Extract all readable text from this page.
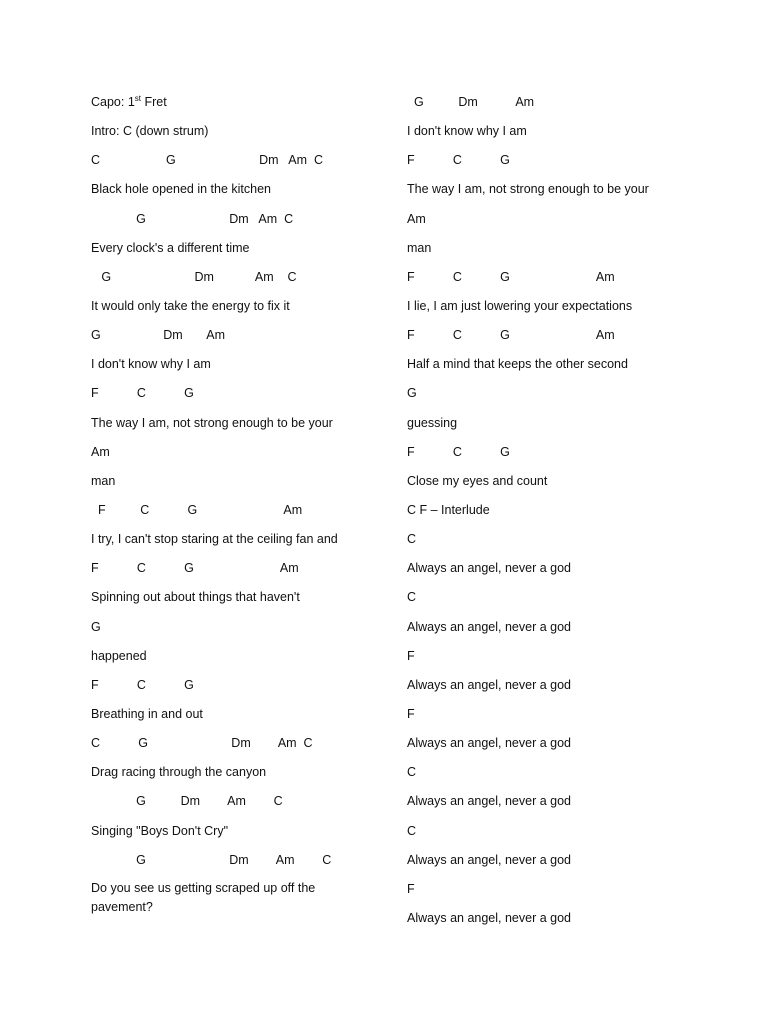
Capo: 1st Fret
Intro: C (down strum)
C                   G                        Dm   Am  C
Black hole opened in the kitchen
G                        Dm   Am  C
Every clock's a different time
G                        Dm            Am    C
It would only take the energy to fix it
G                  Dm       Am
I don't know why I am
F           C           G
The way I am, not strong enough to be your
Am
man
F          C           G                         Am
I try, I can't stop staring at the ceiling fan and
F           C           G                         Am
Spinning out about things that haven't
G
happened
F           C           G
Breathing in and out
C           G                        Dm        Am  C
Drag racing through the canyon
G          Dm        Am        C
Singing "Boys Don't Cry"
G                        Dm        Am        C
Do you see us getting scraped up off the pavement?
G          Dm           Am
I don't know why I am
F           C           G
The way I am, not strong enough to be your
Am
man
F           C           G                         Am
I lie, I am just lowering your expectations
F           C           G                         Am
Half a mind that keeps the other second
G
guessing
F           C           G
Close my eyes and count
C F – Interlude
C
Always an angel, never a god
C
Always an angel, never a god
F
Always an angel, never a god
F
Always an angel, never a god
C
Always an angel, never a god
C
Always an angel, never a god
F
Always an angel, never a god
